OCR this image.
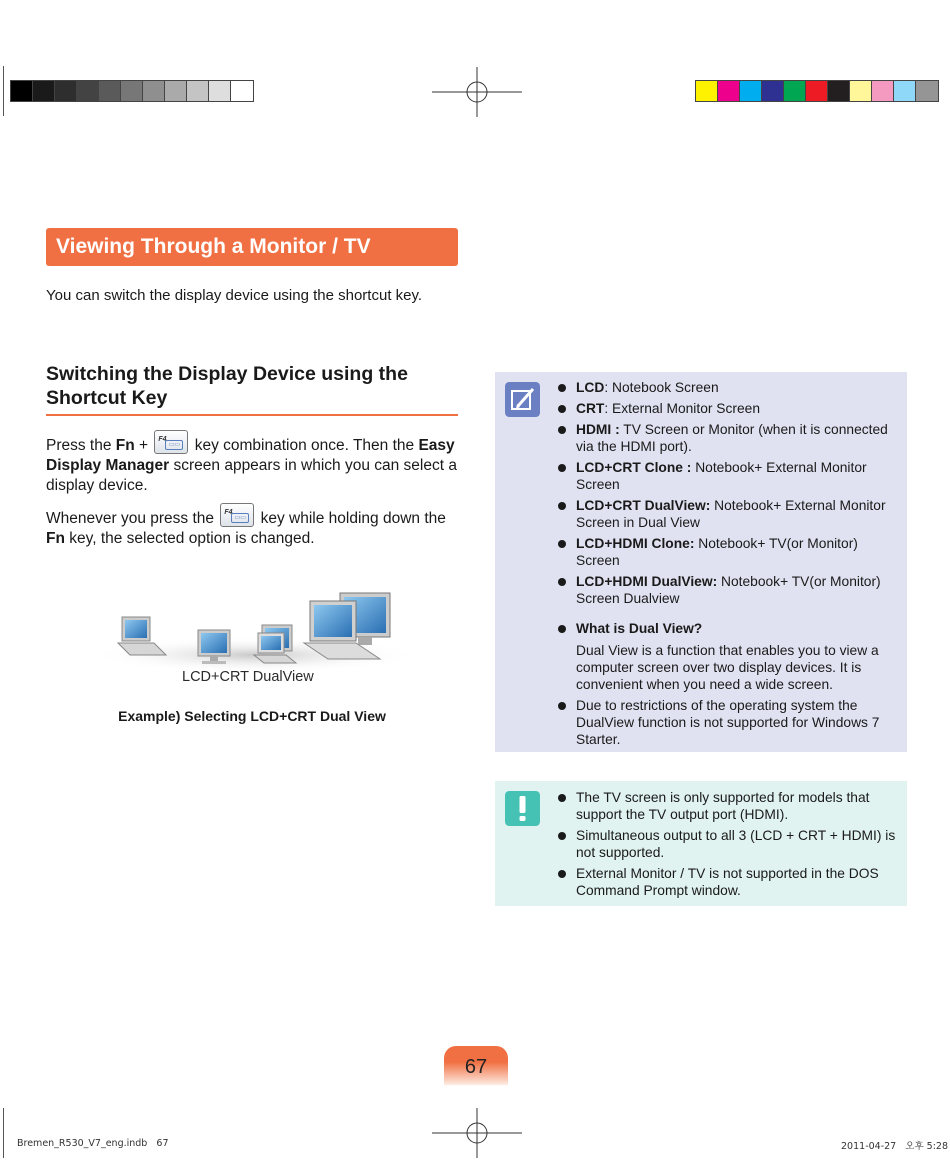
Viewing Through a Monitor / TV
You can switch the display device using the shortcut key.
Switching the Display Device using the Shortcut Key
Press the Fn + F4
▭▭ key combination once. Then the Easy Display Manager screen appears in which you can select a display device.
Whenever you press the F4
▭▭ key while holding down the Fn key, the selected option is changed.
LCD+CRT DualView
Example) Selecting LCD+CRT Dual View
LCD: Notebook Screen
CRT: External Monitor Screen
HDMI : TV Screen or Monitor (when it is connected via the HDMI port).
LCD+CRT Clone : Notebook+ External Monitor Screen
LCD+CRT DualView: Notebook+ External Monitor Screen in Dual View
LCD+HDMI Clone: Notebook+ TV(or Monitor) Screen
LCD+HDMI DualView: Notebook+ TV(or Monitor) Screen Dualview
What is Dual View?
Dual View is a function that enables you to view a computer screen over two display devices. It is convenient when you need a wide screen.
Due to restrictions of the operating system the DualView function is not supported for Windows 7 Starter.
The TV screen is only supported for models that support the TV output port (HDMI).
Simultaneous output to all 3 (LCD + CRT + HDMI) is not supported.
External Monitor / TV is not supported in the DOS Command Prompt window.
67
Bremen_R530_V7_eng.indb   67	2011-04-27   오후 5:28
